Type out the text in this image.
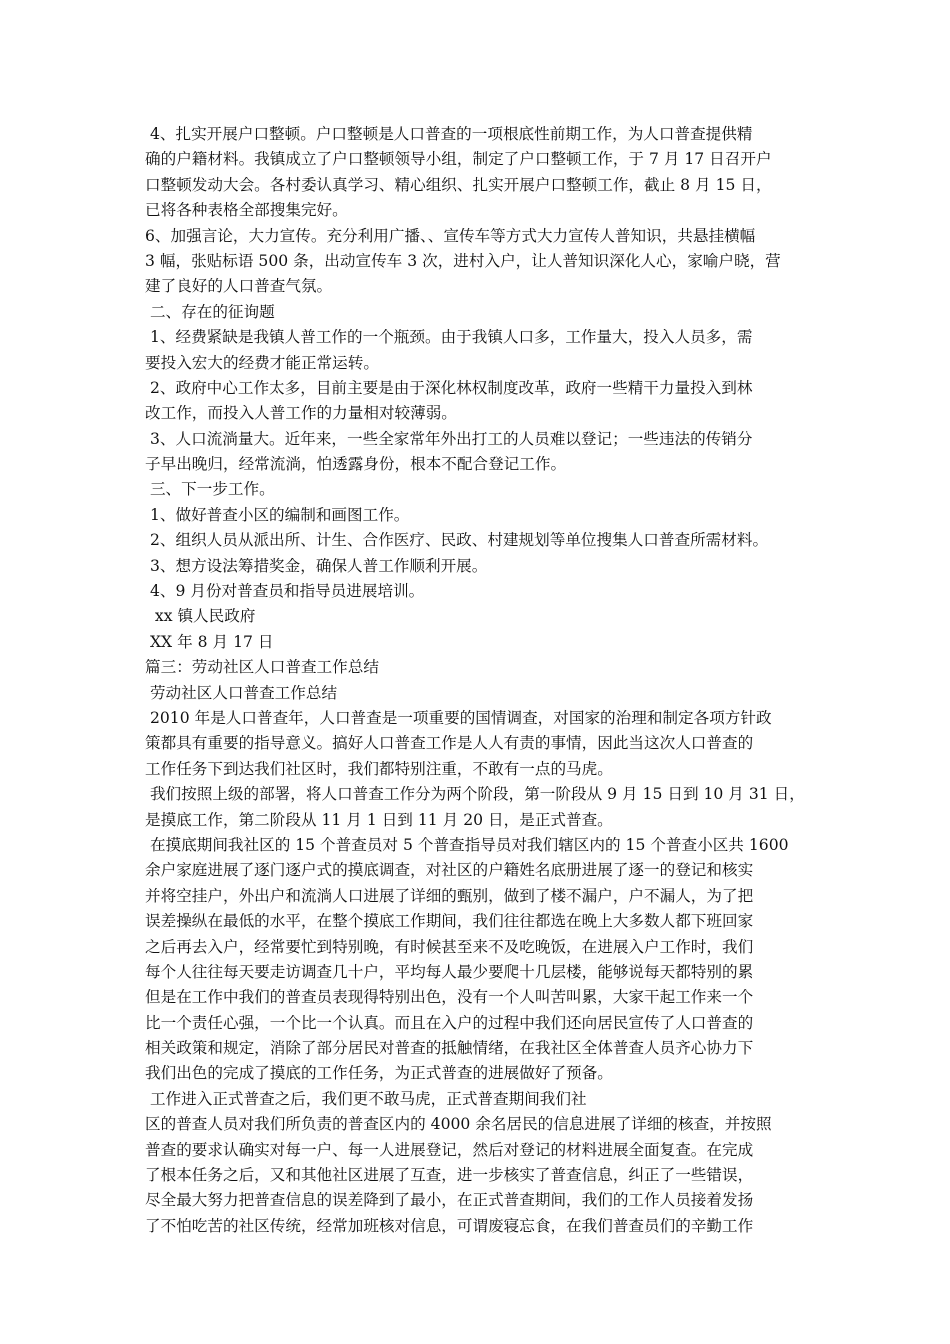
4、扎实开展户口整顿。户口整顿是人口普查的一项根底性前期工作，为人口普查提供精
确的户籍材料。我镇成立了户口整顿领导小组，制定了户口整顿工作，于 7 月 17 日召开户
口整顿发动大会。各村委认真学习、精心组织、扎实开展户口整顿工作，截止 8 月 15 日，
已将各种表格全部搜集完好。
6、加强言论，大力宣传。充分利用广播、、宣传车等方式大力宣传人普知识，共悬挂横幅
3 幅，张贴标语 500 条，出动宣传车 3 次，进村入户，让人普知识深化人心，家喻户晓，营
建了良好的人口普查气氛。
二、存在的征询题
1、经费紧缺是我镇人普工作的一个瓶颈。由于我镇人口多，工作量大，投入人员多，需
要投入宏大的经费才能正常运转。
2、政府中心工作太多，目前主要是由于深化林权制度改革，政府一些精干力量投入到林
改工作，而投入人普工作的力量相对较薄弱。
3、人口流淌量大。近年来，一些全家常年外出打工的人员难以登记；一些违法的传销分
子早出晚归，经常流淌，怕透露身份，根本不配合登记工作。
三、下一步工作。
1、做好普查小区的编制和画图工作。
2、组织人员从派出所、计生、合作医疗、民政、村建规划等单位搜集人口普查所需材料。
3、想方设法筹措奖金，确保人普工作顺利开展。
4、9 月份对普查员和指导员进展培训。
xx 镇人民政府
XX 年 8 月 17 日
篇三：劳动社区人口普查工作总结
劳动社区人口普查工作总结
2010 年是人口普查年，人口普查是一项重要的国情调查，对国家的治理和制定各项方针政
策都具有重要的指导意义。搞好人口普查工作是人人有责的事情，因此当这次人口普查的
工作任务下到达我们社区时，我们都特别注重，不敢有一点的马虎。
我们按照上级的部署，将人口普查工作分为两个阶段，第一阶段从 9 月 15 日到 10 月 31 日，
是摸底工作，第二阶段从 11 月 1 日到 11 月 20 日，是正式普查。
在摸底期间我社区的 15 个普查员对 5 个普查指导员对我们辖区内的 15 个普查小区共 1600
余户家庭进展了逐门逐户式的摸底调查，对社区的户籍姓名底册进展了逐一的登记和核实
并将空挂户，外出户和流淌人口进展了详细的甄别，做到了楼不漏户，户不漏人，为了把
误差操纵在最低的水平，在整个摸底工作期间，我们往往都选在晚上大多数人都下班回家
之后再去入户，经常要忙到特别晚，有时候甚至来不及吃晚饭，在进展入户工作时，我们
每个人往往每天要走访调查几十户，平均每人最少要爬十几层楼，能够说每天都特别的累
但是在工作中我们的普查员表现得特别出色，没有一个人叫苦叫累，大家干起工作来一个
比一个责任心强，一个比一个认真。而且在入户的过程中我们还向居民宣传了人口普查的
相关政策和规定，消除了部分居民对普查的抵触情绪，在我社区全体普查人员齐心协力下
我们出色的完成了摸底的工作任务，为正式普查的进展做好了预备。
工作进入正式普查之后，我们更不敢马虎，正式普查期间我们社
区的普查人员对我们所负责的普查区内的 4000 余名居民的信息进展了详细的核查，并按照
普查的要求认确实对每一户、每一人进展登记，然后对登记的材料进展全面复查。在完成
了根本任务之后，又和其他社区进展了互查，进一步核实了普查信息，纠正了一些错误，
尽全最大努力把普查信息的误差降到了最小，在正式普查期间，我们的工作人员接着发扬
了不怕吃苦的社区传统，经常加班核对信息，可谓废寝忘食，在我们普查员们的辛勤工作
